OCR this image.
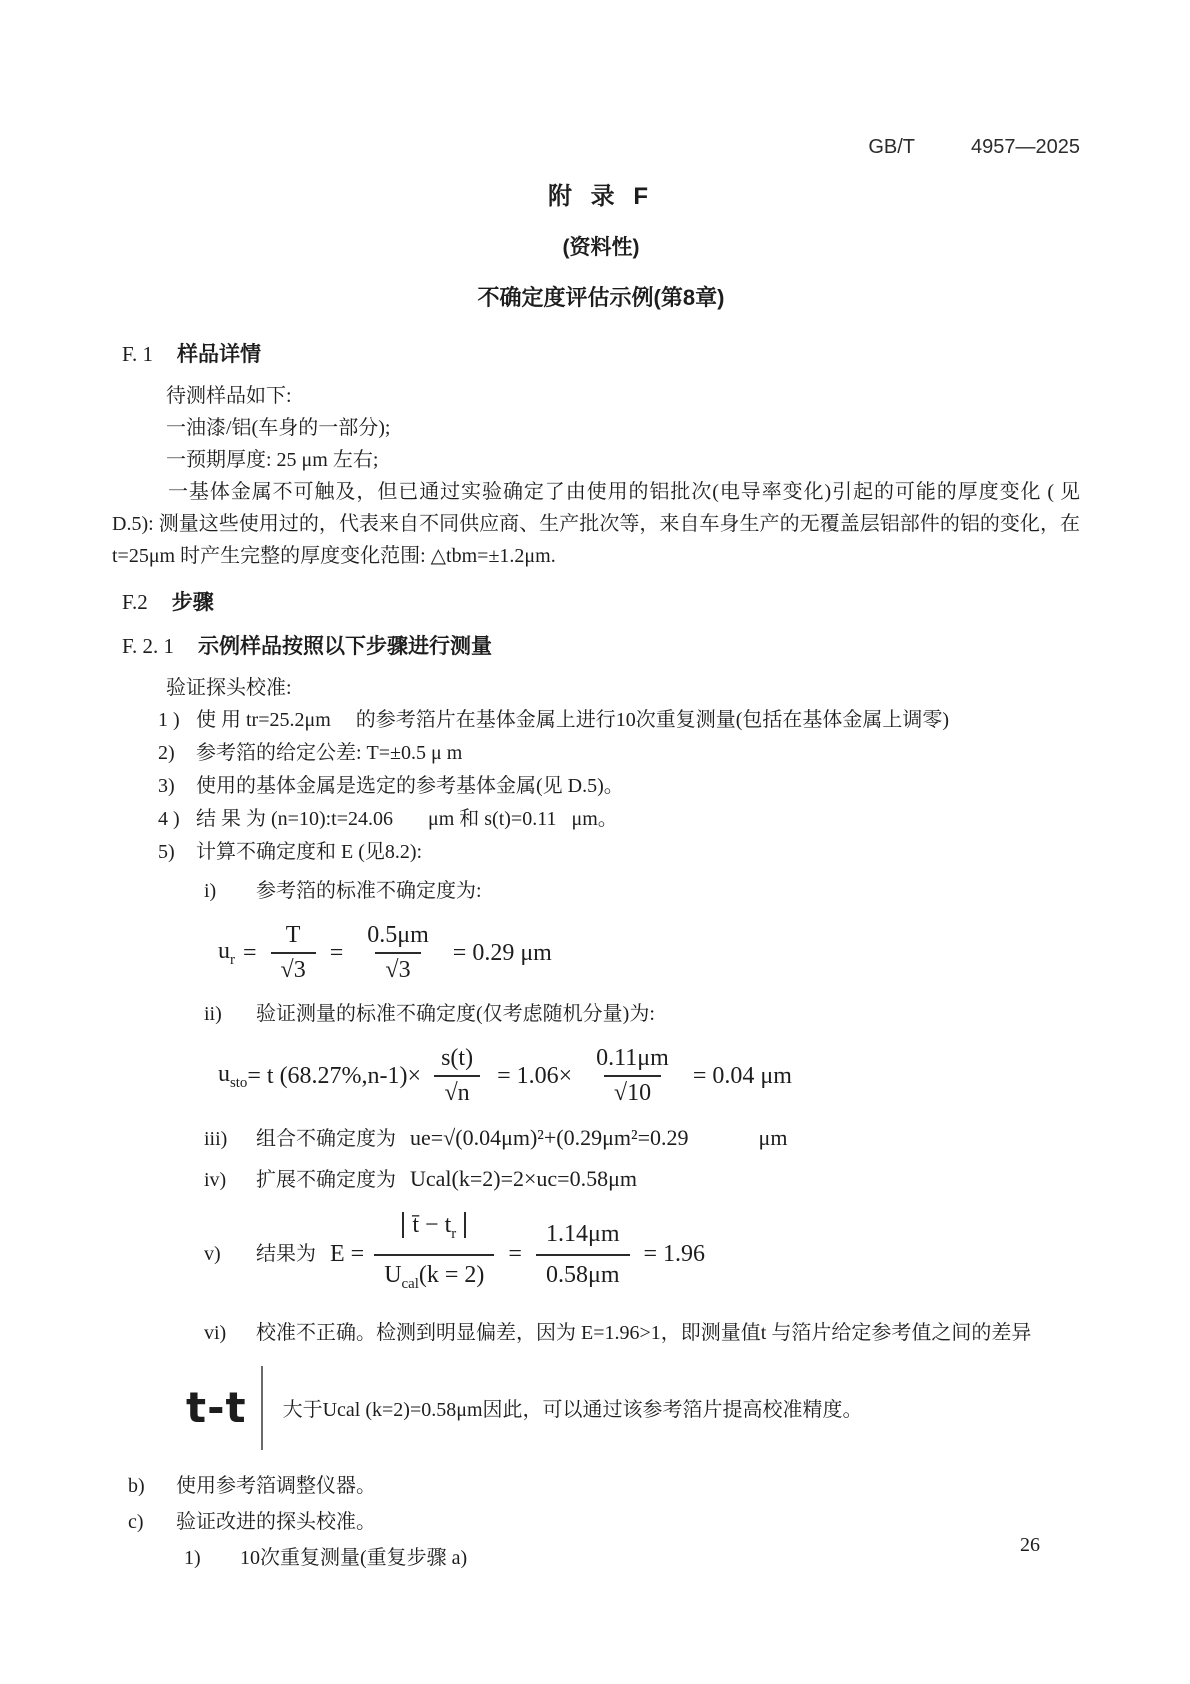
GB/T	4957—2025

附 录 F

(资料性)

不确定度评估示例(第8章)

F. 1 样品详情

待测样品如下:

一油漆/铝(车身的一部分);

一预期厚度: 25 μm 左右;

一基体金属不可触及，但已通过实验确定了由使用的铝批次(电导率变化)引起的可能的厚度变化 ( 见 D.5): 测量这些使用过的，代表来自不同供应商、生产批次等，来自车身生产的无覆盖层铝部件的铝的变化，在t=25μm 时产生完整的厚度变化范围: △tbm=±1.2μm.

F.2 步骤
F. 2. 1 示例样品按照以下步骤进行测量

验证探头校准:

1 ) 使 用 tr=25.2μm     的参考箔片在基体金属上进行10次重复测量(包括在基体金属上调零)
2)	参考箔的给定公差: T=±0.5 μ m
3)	使用的基体金属是选定的参考基体金属(见 D.5)。
4 ) 结 果 为 (n=10):t=24.06       μm 和 s(t)=0.11   μm。
5)	计算不确定度和 E (见8.2):
i)	参考箔的标准不确定度为:
$u_r = \frac{T}{√3} = \frac{0.5\mu m}{√3} = 0.29$ μm
ii)	验证测量的标准不确定度(仅考虑随机分量)为:
$u_{sto} = t$ $(68.27\%,n-1)\times \frac{s(t)}{√n} = 1.06\times \frac{0.11\mu m}{√10} = 0.04$ μm
iii)	组合不确定度为 ue=√(0.04μm)²+(0.29μm²=0.29	μm
iv)	扩展不确定度为 Ucal(k=2)=2×uc=0.58μm
v)	结果为 $E = \frac{t̄ - t_r}{U_{cal}(k = 2)} = \frac{1.14\mu m}{0.58\mu m} = 1.96$
vi)	校准不正确。检测到明显偏差，因为 E=1.96>1，即测量值t 与箔片给定参考值之间的差异
t-t 大于Ucal (k=2)=0.58μm因此，可以通过该参考箔片提高校准精度。
b)	使用参考箔调整仪器。
c)	验证改进的探头校准。
1)	10次重复测量(重复步骤 a)
26
